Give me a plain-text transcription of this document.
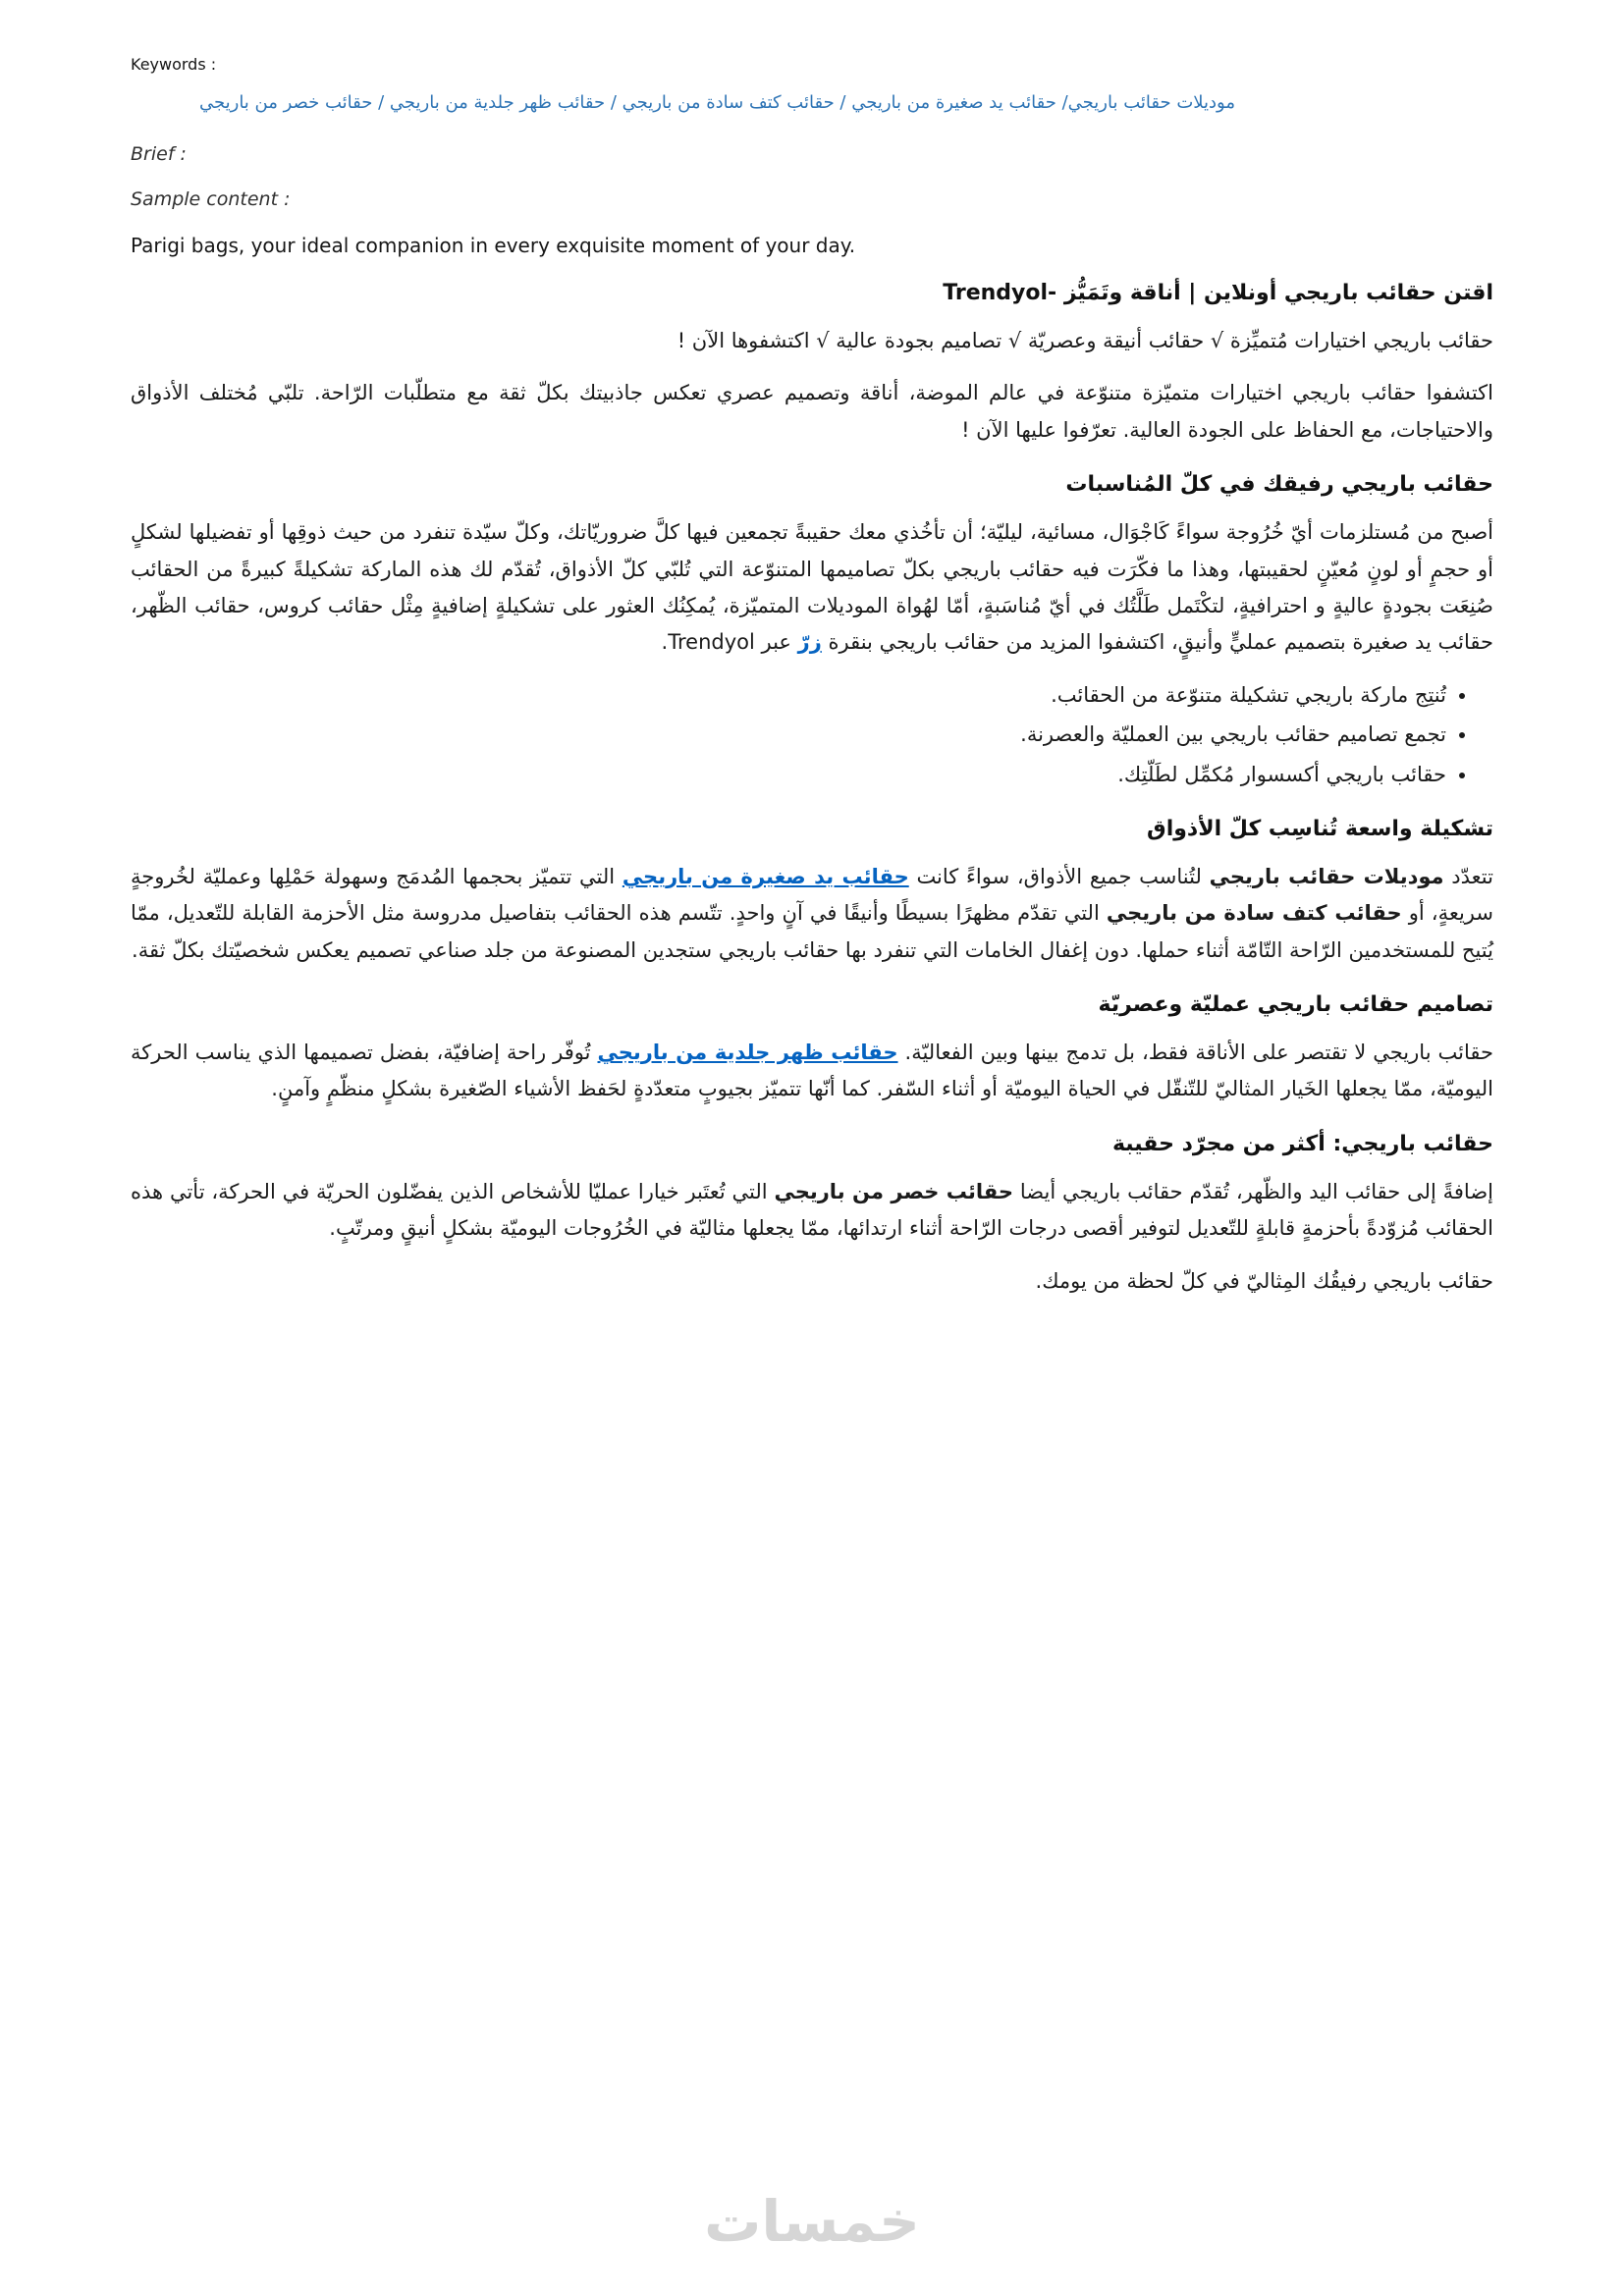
Keywords :

موديلات حقائب باريجي/ حقائب يد صغيرة من باريجي / حقائب كتف سادة من باريجي / حقائب ظهر جلدية من باريجي / حقائب خصر من باريجي

Brief :

Sample content :

Parigi bags, your ideal companion in every exquisite moment of your day.

اقتن حقائب باريجي أونلاين | أناقة وتَمَيُّز -Trendyol

حقائب باريجي اختيارات مُتميِّزة √ حقائب أنيقة وعصريّة √ تصاميم بجودة عالية √ اكتشفوها الآن !

اكتشفوا حقائب باريجي اختيارات متميّزة متنوّعة في عالم الموضة، أناقة وتصميم عصري تعكس جاذبيتك بكلّ ثقة مع متطلّبات الرّاحة. تلبّي مُختلف الأذواق والاحتياجات، مع الحفاظ على الجودة العالية. تعرّفوا عليها الآن !

حقائب باريجي رفيقك في كلّ المُناسبات

أصبح من مُستلزمات أيّ خُرُوجة سواءً كَاجْوَال، مسائية، ليليّة؛ أن تأخُذي معك حقيبةً تجمعين فيها كلَّ ضروريّاتك، وكلّ سيّدة تنفرد من حيث ذوقِها أو تفضيلها لشكلٍ أو حجمٍ أو لونٍ مُعيّنٍ لحقيبتها، وهذا ما فكّرَت فيه حقائب باريجي بكلّ تصاميمها المتنوّعة التي تُلبّي كلّ الأذواق، تُقدّم لك هذه الماركة تشكيلةً كبيرةً من الحقائب صُنِعَت بجودةٍ عاليةٍ و احترافيةٍ، لتكْتَمل طَلَّتُك في أيّ مُناسَبةٍ، أمّا لهُواة الموديلات المتميّزة، يُمكِنُك العثور على تشكيلةٍ إضافيةٍ مِثْل حقائب كروس، حقائب الظّهر، حقائب يد صغيرة بتصميم عمليٍّ وأنيقٍ، اكتشفوا المزيد من حقائب باريجي بنقرة زرّ عبر Trendyol.

• تُنتِج ماركة باريجي تشكيلة متنوّعة من الحقائب.
• تجمع تصاميم حقائب باريجي بين العمليّة والعصرنة.
• حقائب باريجي أكسسوار مُكمِّل لطَلّتِك.
تشكيلة واسعة تُناسِب كلّ الأذواق

تتعدّد موديلات حقائب باريجي لتُناسب جميع الأذواق، سواءً كانت حقائب يد صغيرة من باريجي التي تتميّز بحجمها المُدمَج وسهولة حَمْلِها وعمليّة لخُروجةٍ سريعةٍ، أو حقائب كتف سادة من باريجي التي تقدّم مظهرًا بسيطًا وأنيقًا في آنٍ واحدٍ. تتّسم هذه الحقائب بتفاصيل مدروسة مثل الأحزمة القابلة للتّعديل، ممّا يُتيح للمستخدمين الرّاحة التّامّة أثناء حملها. دون إغفال الخامات التي تنفرد بها حقائب باريجي ستجدين المصنوعة من جلد صناعي تصميم يعكس شخصيّتك بكلّ ثقة.

تصاميم حقائب باريجي عمليّة وعصريّة

حقائب باريجي لا تقتصر على الأناقة فقط، بل تدمج بينها وبين الفعاليّة. حقائب ظهر جلدية من باريجي تُوفّر راحة إضافيّة، بفضل تصميمها الذي يناسب الحركة اليوميّة، ممّا يجعلها الخَيار المثاليّ للتّنقّل في الحياة اليوميّة أو أثناء السّفر. كما أنّها تتميّز بجيوبٍ متعدّدةٍ لحَفظ الأشياء الصّغيرة بشكلٍ منظّمٍ وآمنٍ.

حقائب باريجي: أكثر من مجرّد حقيبة

إضافةً إلى حقائب اليد والظّهر، تُقدّم حقائب باريجي أيضا حقائب خصر من باريجي التي تُعتَبر خيارا عمليّا للأشخاص الذين يفضّلون الحريّة في الحركة، تأتي هذه الحقائب مُزوّدةً بأحزمةٍ قابلةٍ للتّعديل لتوفير أقصى درجات الرّاحة أثناء ارتدائها، ممّا يجعلها مثاليّة في الخُرُوجات اليوميّة بشكلٍ أنيقٍ ومرتّبٍ.

حقائب باريجي رفيقُك المِثاليّ في كلّ لحظة من يومك.

خمسات
